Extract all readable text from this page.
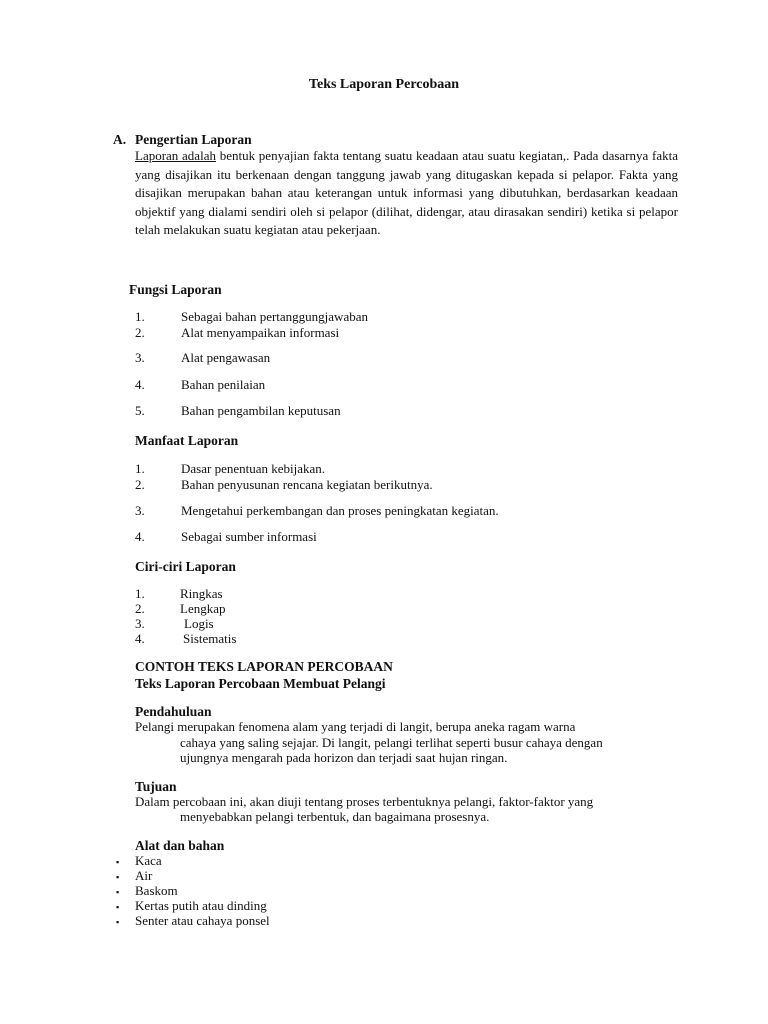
Teks Laporan Percobaan
A. Pengertian Laporan
Laporan adalah bentuk penyajian fakta tentang suatu keadaan atau suatu kegiatan,. Pada dasarnya fakta yang disajikan itu berkenaan dengan tanggung jawab yang ditugaskan kepada si pelapor. Fakta yang disajikan merupakan bahan atau keterangan untuk informasi yang dibutuhkan, berdasarkan keadaan objektif yang dialami sendiri oleh si pelapor (dilihat, didengar, atau dirasakan sendiri) ketika si pelapor telah melakukan suatu kegiatan atau pekerjaan.
Fungsi Laporan
1.	Sebagai bahan pertanggungjawaban
2.	Alat menyampaikan informasi
3.	Alat pengawasan
4.	Bahan penilaian
5.	Bahan pengambilan keputusan
Manfaat Laporan
1.	Dasar penentuan kebijakan.
2.	Bahan penyusunan rencana kegiatan berikutnya.
3.	Mengetahui perkembangan dan proses peningkatan kegiatan.
4.	Sebagai sumber informasi
Ciri-ciri Laporan
1.	Ringkas
2.	Lengkap
3.	Logis
4.	Sistematis
CONTOH TEKS LAPORAN PERCOBAAN
Teks Laporan Percobaan Membuat Pelangi
Pendahuluan
Pelangi merupakan fenomena alam yang terjadi di langit, berupa aneka ragam warna
cahaya yang saling sejajar. Di langit, pelangi terlihat seperti busur cahaya dengan
ujungnya mengarah pada horizon dan terjadi saat hujan ringan.
Tujuan
Dalam percobaan ini, akan diuji tentang proses terbentuknya pelangi, faktor-faktor yang
menyebabkan pelangi terbentuk, dan bagaimana prosesnya.
Alat dan bahan
▪ Kaca
▪ Air
▪ Baskom
▪ Kertas putih atau dinding
▪ Senter atau cahaya ponsel
